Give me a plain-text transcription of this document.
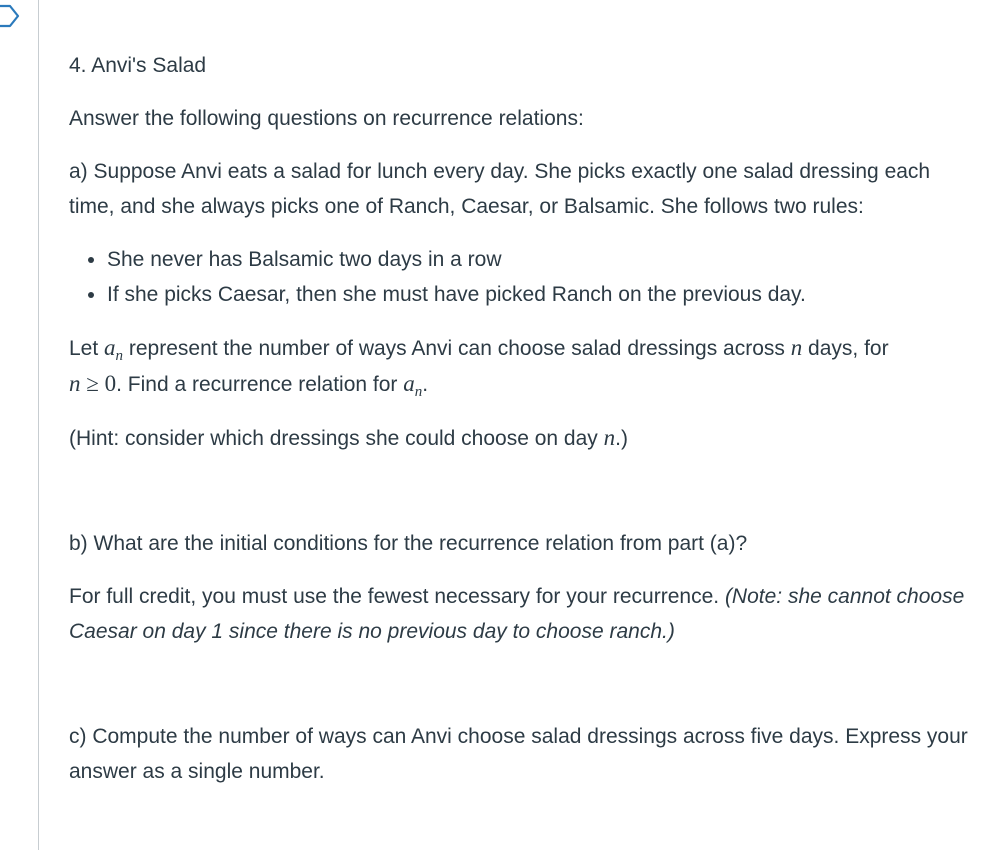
4. Anvi's Salad

Answer the following questions on recurrence relations:

a) Suppose Anvi eats a salad for lunch every day. She picks exactly one salad dressing each time, and she always picks one of Ranch, Caesar, or Balsamic. She follows two rules:

• She never has Balsamic two days in a row
• If she picks Caesar, then she must have picked Ranch on the previous day.

Let $a_n$ represent the number of ways Anvi can choose salad dressings across n days, for
n ≥ 0. Find a recurrence relation for $a_n$.

(Hint: consider which dressings she could choose on day n.)

b) What are the initial conditions for the recurrence relation from part (a)?

For full credit, you must use the fewest necessary for your recurrence. (Note: she cannot choose Caesar on day 1 since there is no previous day to choose ranch.)

c) Compute the number of ways can Anvi choose salad dressings across five days. Express your answer as a single number.
